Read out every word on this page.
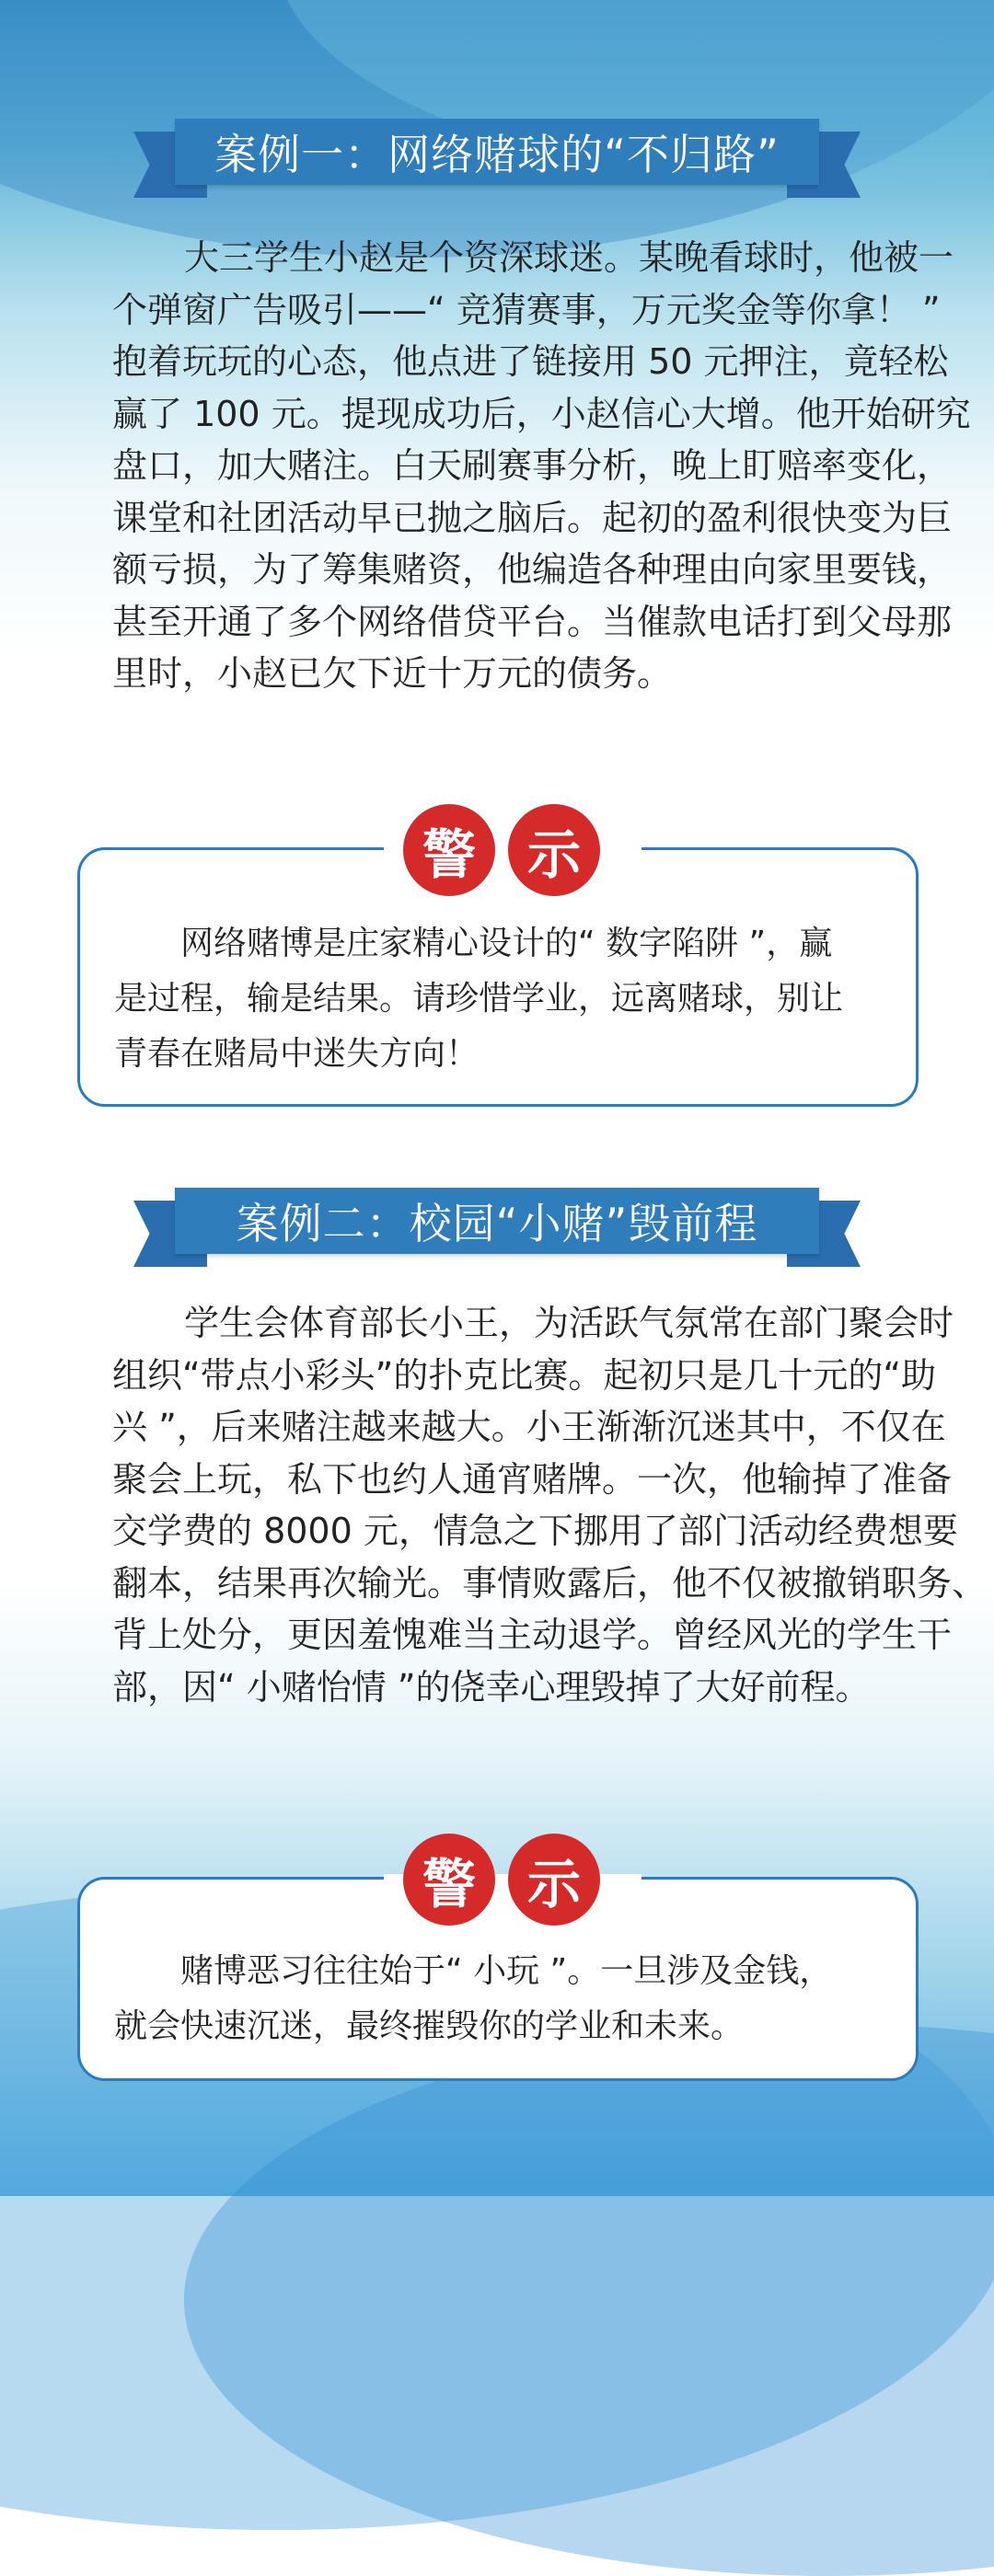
案例一：网络赌球的“不归路”
大三学生小赵是个资深球迷。某晚看球时，他被一
个弹窗广告吸引——“ 竞猜赛事，万元奖金等你拿！ ”
抱着玩玩的心态，他点进了链接用 50 元押注，竟轻松
赢了 100 元。提现成功后，小赵信心大增。他开始研究
盘口，加大赌注。白天刷赛事分析，晚上盯赔率变化，
课堂和社团活动早已抛之脑后。起初的盈利很快变为巨
额亏损，为了筹集赌资，他编造各种理由向家里要钱，
甚至开通了多个网络借贷平台。当催款电话打到父母那
里时，小赵已欠下近十万元的债务。
警 示
网络赌博是庄家精心设计的“ 数字陷阱 ”，赢
是过程，输是结果。请珍惜学业，远离赌球，别让
青春在赌局中迷失方向！
案例二：校园“小赌”毁前程
学生会体育部长小王，为活跃气氛常在部门聚会时
组织“带点小彩头”的扑克比赛。起初只是几十元的“助
兴 ”，后来赌注越来越大。小王渐渐沉迷其中，不仅在
聚会上玩，私下也约人通宵赌牌。一次，他输掉了准备
交学费的 8000 元，情急之下挪用了部门活动经费想要
翻本，结果再次输光。事情败露后，他不仅被撤销职务、
背上处分，更因羞愧难当主动退学。曾经风光的学生干
部，因“ 小赌怡情 ”的侥幸心理毁掉了大好前程。
警 示
赌博恶习往往始于“ 小玩 ”。一旦涉及金钱，
就会快速沉迷，最终摧毁你的学业和未来。
